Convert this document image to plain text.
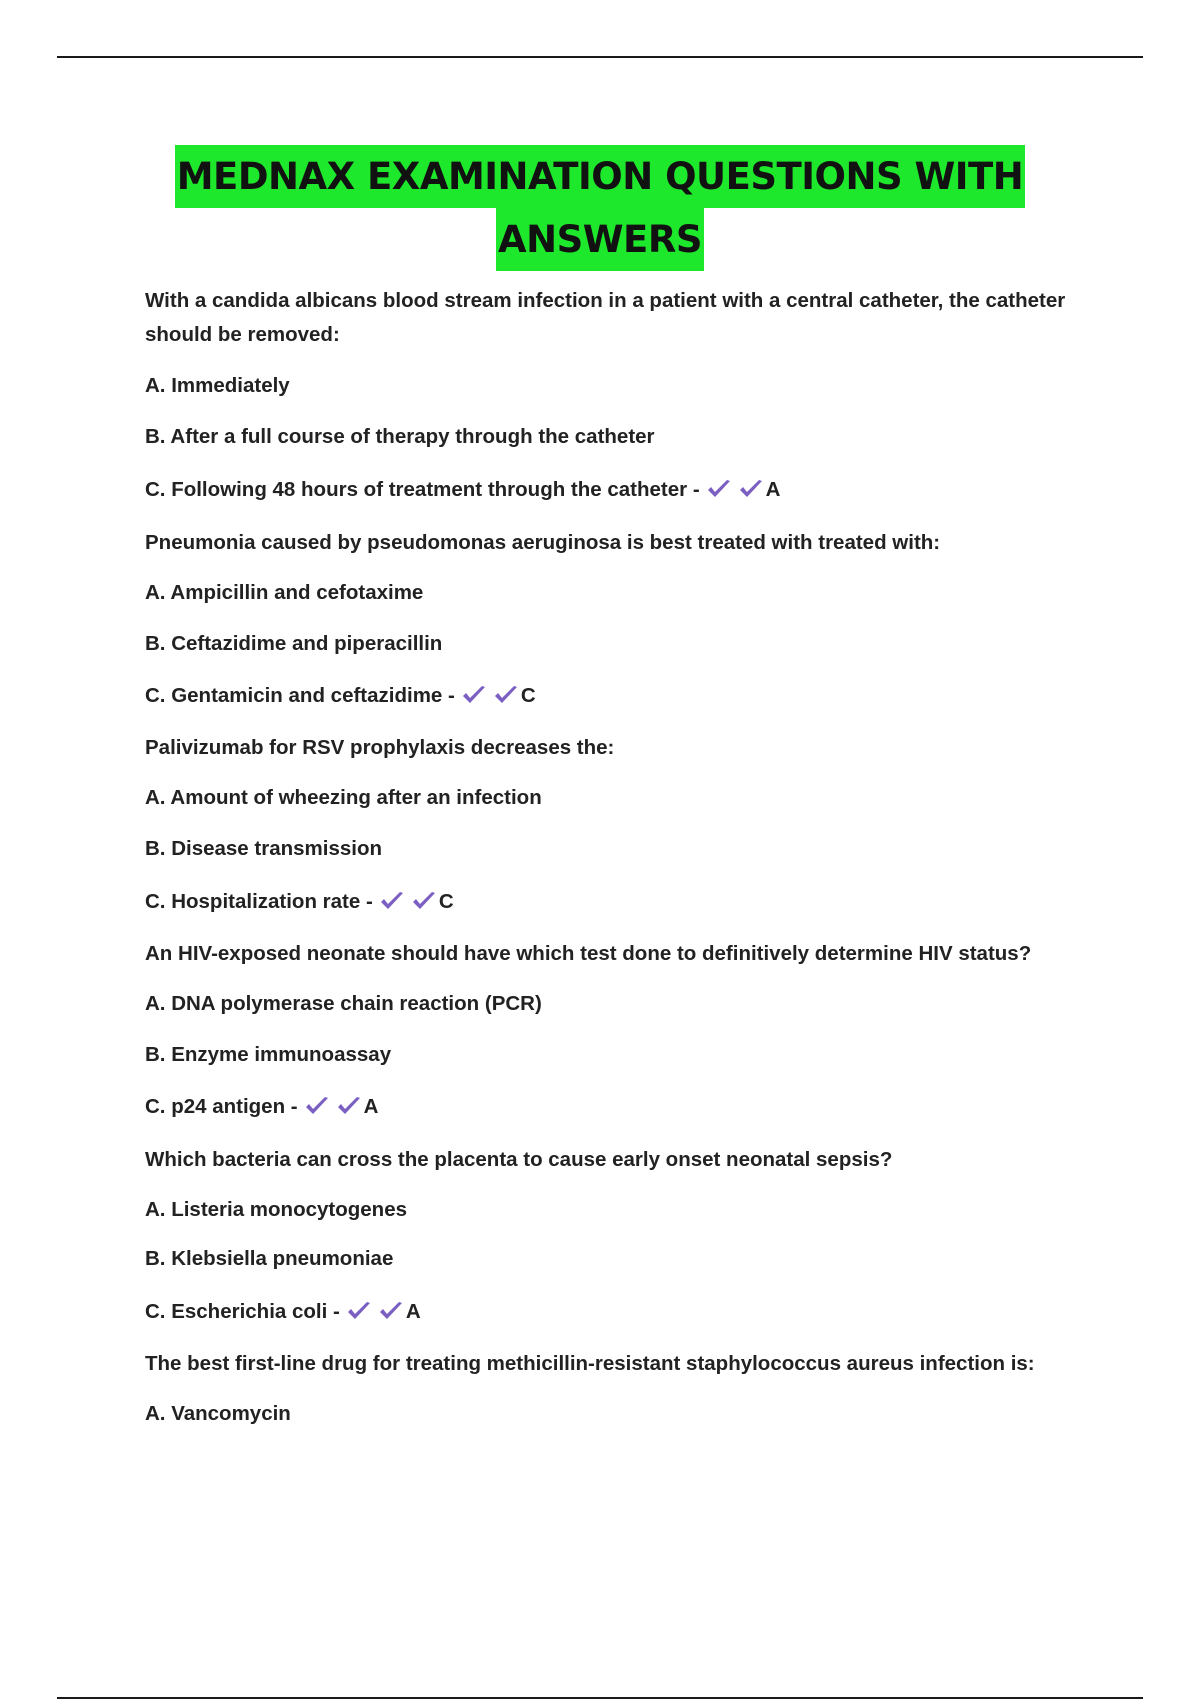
MEDNAX EXAMINATION QUESTIONS WITH
ANSWERS
With a candida albicans blood stream infection in a patient with a central catheter, the catheter should be removed:
A. Immediately
B. After a full course of therapy through the catheter
C. Following 48 hours of treatment through the catheter -	A
Pneumonia caused by pseudomonas aeruginosa is best treated with treated with:
A. Ampicillin and cefotaxime
B. Ceftazidime and piperacillin
C. Gentamicin and ceftazidime -	C
Palivizumab for RSV prophylaxis decreases the:
A. Amount of wheezing after an infection
B. Disease transmission
C. Hospitalization rate -	C
An HIV-exposed neonate should have which test done to definitively determine HIV status?
A. DNA polymerase chain reaction (PCR)
B. Enzyme immunoassay
C. p24 antigen -	A
Which bacteria can cross the placenta to cause early onset neonatal sepsis?
A. Listeria monocytogenes
B. Klebsiella pneumoniae
C. Escherichia coli -	A
The best first-line drug for treating methicillin-resistant staphylococcus aureus infection is:
A. Vancomycin
